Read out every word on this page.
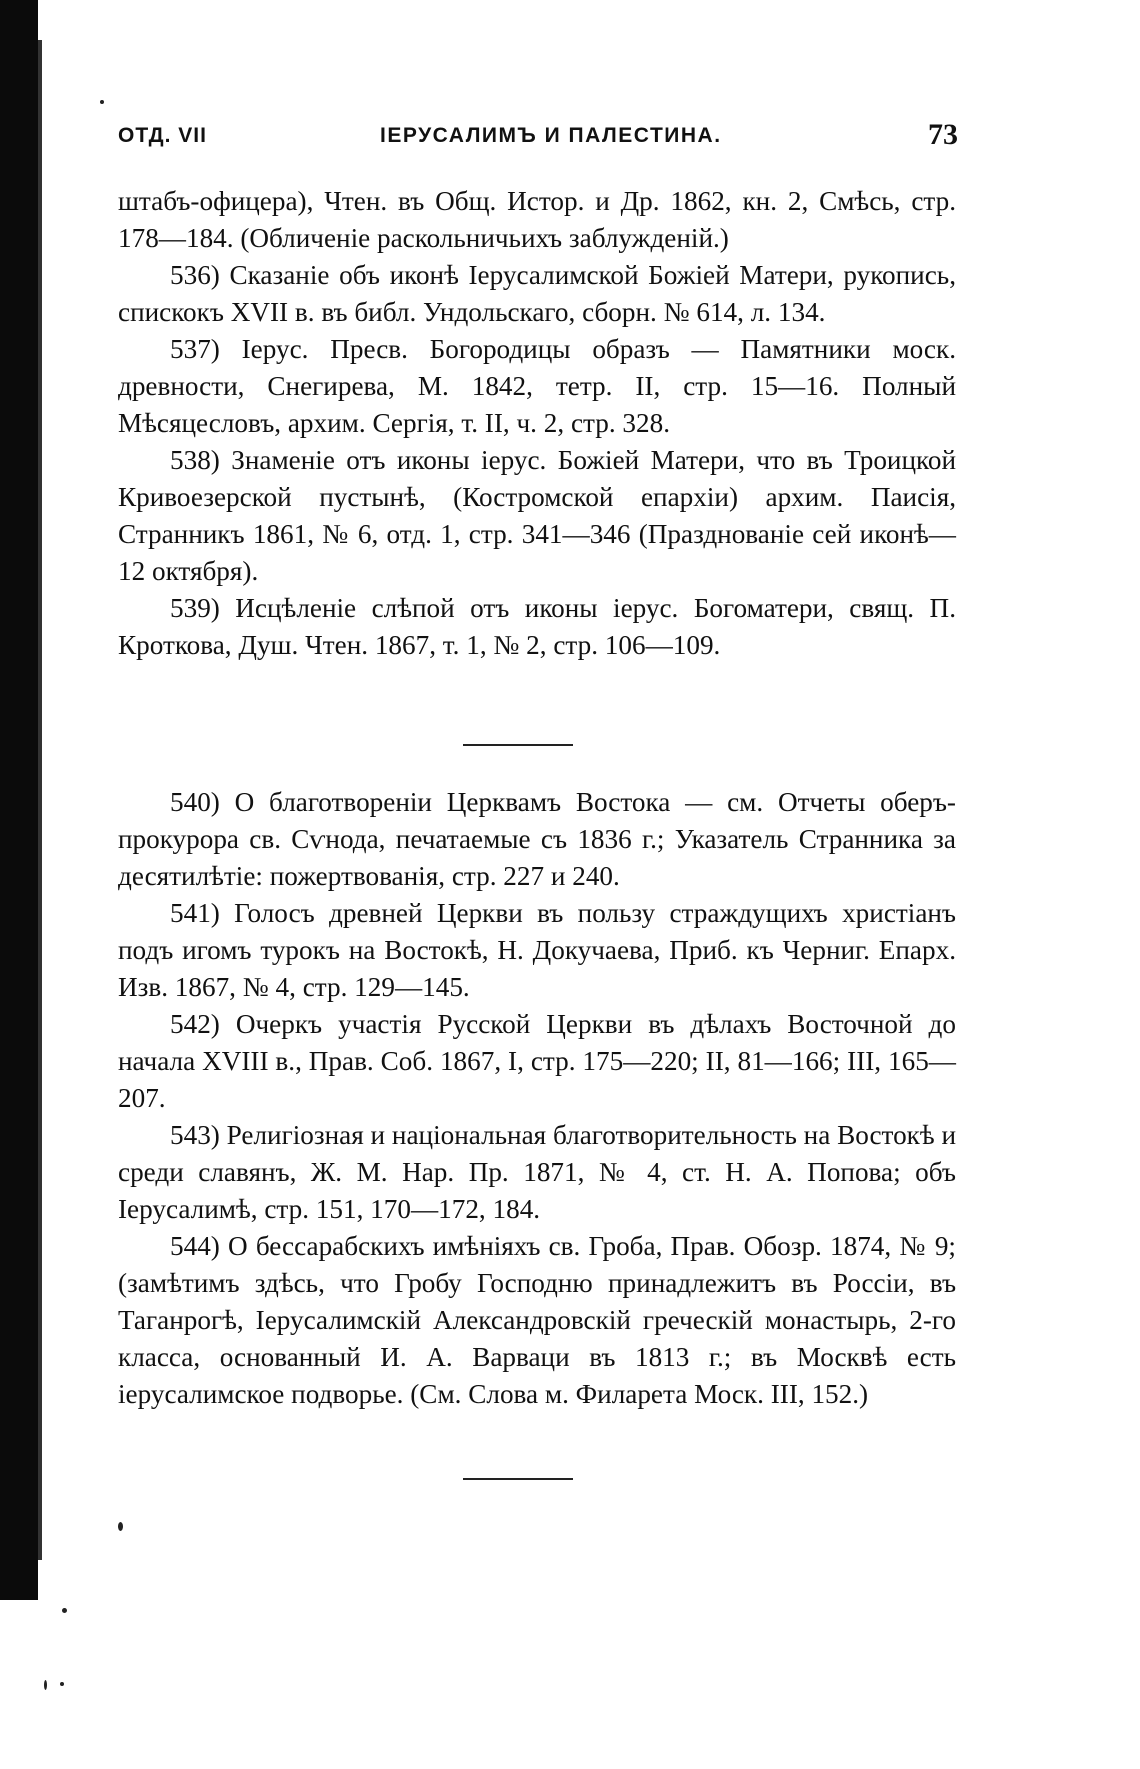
ОТД. VII	ІЕРУСАЛИМЪ И ПАЛЕСТИНА.	73

штабъ-офицера), Чтен. въ Общ. Истор. и Др. 1862, кн. 2, Смѣсь, стр. 178—184. (Обличеніе раскольничьихъ заблужденій.)

536) Сказаніе объ иконѣ Іерусалимской Божіей Матери, рукопись, спискокъ XVII в. въ библ. Ундольскаго, сборн. № 614, л. 134.

537) Іерус. Пресв. Богородицы образъ — Памятники моск. древности, Снегирева, М. 1842, тетр. II, стр. 15—16. Полный Мѣсяцесловъ, архим. Сергія, т. II, ч. 2, стр. 328.

538) Знаменіе отъ иконы іерус. Божіей Матери, что въ Троицкой Кривоезерской пустынѣ, (Костромской епархіи) архим. Паисія, Странникъ 1861, № 6, отд. 1, стр. 341—346 (Празднованіе сей иконѣ—12 октября).

539) Исцѣленіе слѣпой отъ иконы іерус. Богоматери, свящ. П. Кроткова, Душ. Чтен. 1867, т. 1, № 2, стр. 106—109.

540) О благотвореніи Церквамъ Востока — см. Отчеты оберъ-прокурора св. Сѵнода, печатаемые съ 1836 г.; Указатель Странника за десятилѣтіе: пожертвованія, стр. 227 и 240.

541) Голосъ древней Церкви въ пользу страждущихъ христіанъ подъ игомъ турокъ на Востокѣ, Н. Докучаева, Приб. къ Черниг. Епарх. Изв. 1867, № 4, стр. 129—145.

542) Очеркъ участія Русской Церкви въ дѣлахъ Восточной до начала XVIII в., Прав. Соб. 1867, I, стр. 175—220; II, 81—166; III, 165—207.

543) Религіозная и національная благотворительность на Востокѣ и среди славянъ, Ж. М. Нар. Пр. 1871, № 4, ст. Н. А. Попова; объ Іерусалимѣ, стр. 151, 170—172, 184.

544) О бессарабскихъ имѣніяхъ св. Гроба, Прав. Обозр. 1874, № 9; (замѣтимъ здѣсь, что Гробу Господню принадлежитъ въ Россіи, въ Таганрогѣ, Іерусалимскій Александровскій греческій монастырь, 2-го класса, основанный И. А. Варваци въ 1813 г.; въ Москвѣ есть іерусалимское подворье. (См. Слова м. Филарета Моск. III, 152.)
